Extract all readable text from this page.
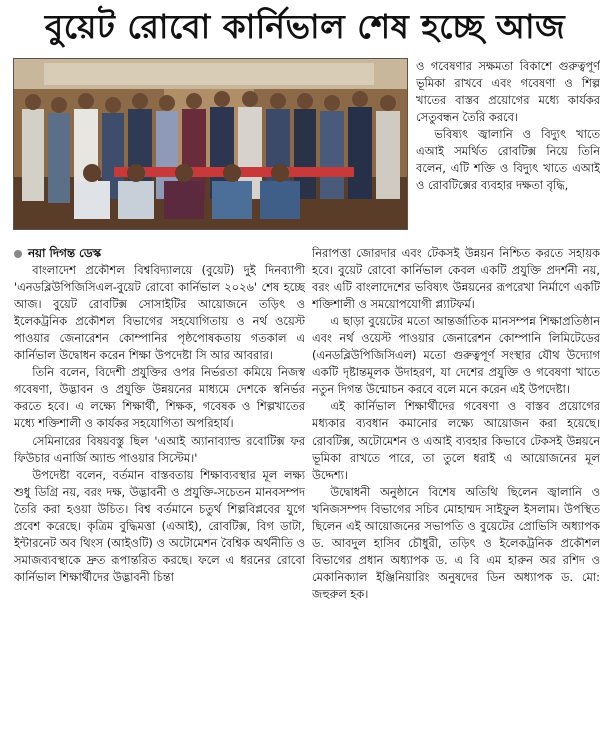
বুয়েট রোবো কার্নিভাল শেষ হচ্ছে আজ

ও গবেষণার সক্ষমতা বিকাশে গুরুত্বপূর্ণ ভূমিকা রাখবে এবং গবেষণা ও শিল্প খাতের বাস্তব প্রয়োগের মধ্যে কার্যকর সেতুবন্ধন তৈরি করবে।

ভবিষ্যৎ জ্বালানি ও বিদ্যুৎ খাতে এআই সমর্থিত রোবটিক্স নিয়ে তিনি বলেন, এটি শক্তি ও বিদ্যুৎ খাতে এআই ও রোবটিক্সের ব্যবহার দক্ষতা বৃদ্ধি,

নয়া দিগন্ত ডেস্ক

বাংলাদেশ প্রকৌশল বিশ্ববিদ্যালয়ে (বুয়েট) দুই দিনব্যাপী 'এনডব্লিউপিজিসিএল-বুয়েট রোবো কার্নিভাল ২০২৬' শেষ হচ্ছে আজ। বুয়েট রোবটিক্স সোসাইটির আয়োজনে তড়িৎ ও ইলেকট্রনিক প্রকৌশল বিভাগের সহযোগিতায় ও নর্থ ওয়েস্ট পাওয়ার জেনারেশন কোম্পানির পৃষ্ঠপোষকতায় গতকাল এ কার্নিভাল উদ্বোধন করেন শিক্ষা উপদেষ্টা সি আর আবরার।

তিনি বলেন, বিদেশী প্রযুক্তির ওপর নির্ভরতা কমিয়ে নিজস্ব গবেষণা, উদ্ভাবন ও প্রযুক্তি উন্নয়নের মাধ্যমে দেশকে স্বনির্ভর করতে হবে। এ লক্ষ্যে শিক্ষার্থী, শিক্ষক, গবেষক ও শিল্পখাতের মধ্যে শক্তিশালী ও কার্যকর সহযোগিতা অপরিহার্য।

সেমিনারের বিষয়বস্তু ছিল 'এআই অ্যানাব্যাল্ড রবোটিক্স ফর ফিউচার এনার্জি অ্যান্ড পাওয়ার সিস্টেম।'

উপদেষ্টা বলেন, বর্তমান বাস্তবতায় শিক্ষাব্যবস্থার মূল লক্ষ্য শুধু ডিগ্রি নয়, বরং দক্ষ, উদ্ভাবনী ও প্রযুক্তি-সচেতন মানবসম্পদ তৈরি করা হওয়া উচিত। বিশ্ব বর্তমানে চতুর্থ শিল্পবিপ্লবের যুগে প্রবেশ করেছে। কৃত্রিম বুদ্ধিমত্তা (এআই), রোবটিক্স, বিগ ডাটা, ইন্টারনেট অব থিংস (আইওটি) ও অটোমেশন বৈশ্বিক অর্থনীতি ও সমাজব্যবস্থাকে দ্রুত রূপান্তরিত করছে। ফলে এ ধরনের রোবো কার্নিভাল শিক্ষার্থীদের উদ্ভাবনী চিন্তা

নিরাপত্তা জোরদার এবং টেকসই উন্নয়ন নিশ্চিত করতে সহায়ক হবে। বুয়েট রোবো কার্নিভাল কেবল একটি প্রযুক্তি প্রদর্শনী নয়, বরং এটি বাংলাদেশের ভবিষ্যৎ উন্নয়নের রূপরেখা নির্মাণে একটি শক্তিশালী ও সময়োপযোগী প্ল্যাটফর্ম।

এ ছাড়া বুয়েটের মতো আন্তর্জাতিক মানসম্পন্ন শিক্ষাপ্রতিষ্ঠান এবং নর্থ ওয়েস্ট পাওয়ার জেনারেশন কোম্পানি লিমিটেডের (এনডব্লিউপিজিসিএল) মতো গুরুত্বপূর্ণ সংস্থার যৌথ উদ্যোগ একটি দৃষ্টান্তমূলক উদাহরণ, যা দেশের প্রযুক্তি ও গবেষণা খাতে নতুন দিগন্ত উন্মোচন করবে বলে মনে করেন এই উপদেষ্টা।

এই কার্নিভাল শিক্ষার্থীদের গবেষণা ও বাস্তব প্রয়োগের মধ্যকার ব্যবধান কমানোর লক্ষ্যে আয়োজন করা হয়েছে। রোবটিক্স, অটোমেশন ও এআই ব্যবহার কিভাবে টেকসই উন্নয়নে ভূমিকা রাখতে পারে, তা তুলে ধরাই এ আয়োজনের মূল উদ্দেশ্য।

উদ্বোধনী অনুষ্ঠানে বিশেষ অতিথি ছিলেন জ্বালানি ও খনিজসম্পদ বিভাগের সচিব মোহাম্মদ সাইফুল ইসলাম। উপস্থিত ছিলেন এই আয়োজনের সভাপতি ও বুয়েটের প্রোভিসি অধ্যাপক ড. আবদুল হাসিব চৌধুরী, তড়িৎ ও ইলেকট্রনিক প্রকৌশল বিভাগের প্রধান অধ্যাপক ড. এ বি এম হারুন অর রশিদ ও মেকানিক্যাল ইঞ্জিনিয়ারিং অনুষদের ডিন অধ্যাপক ড. মো: জহুরুল হক।
